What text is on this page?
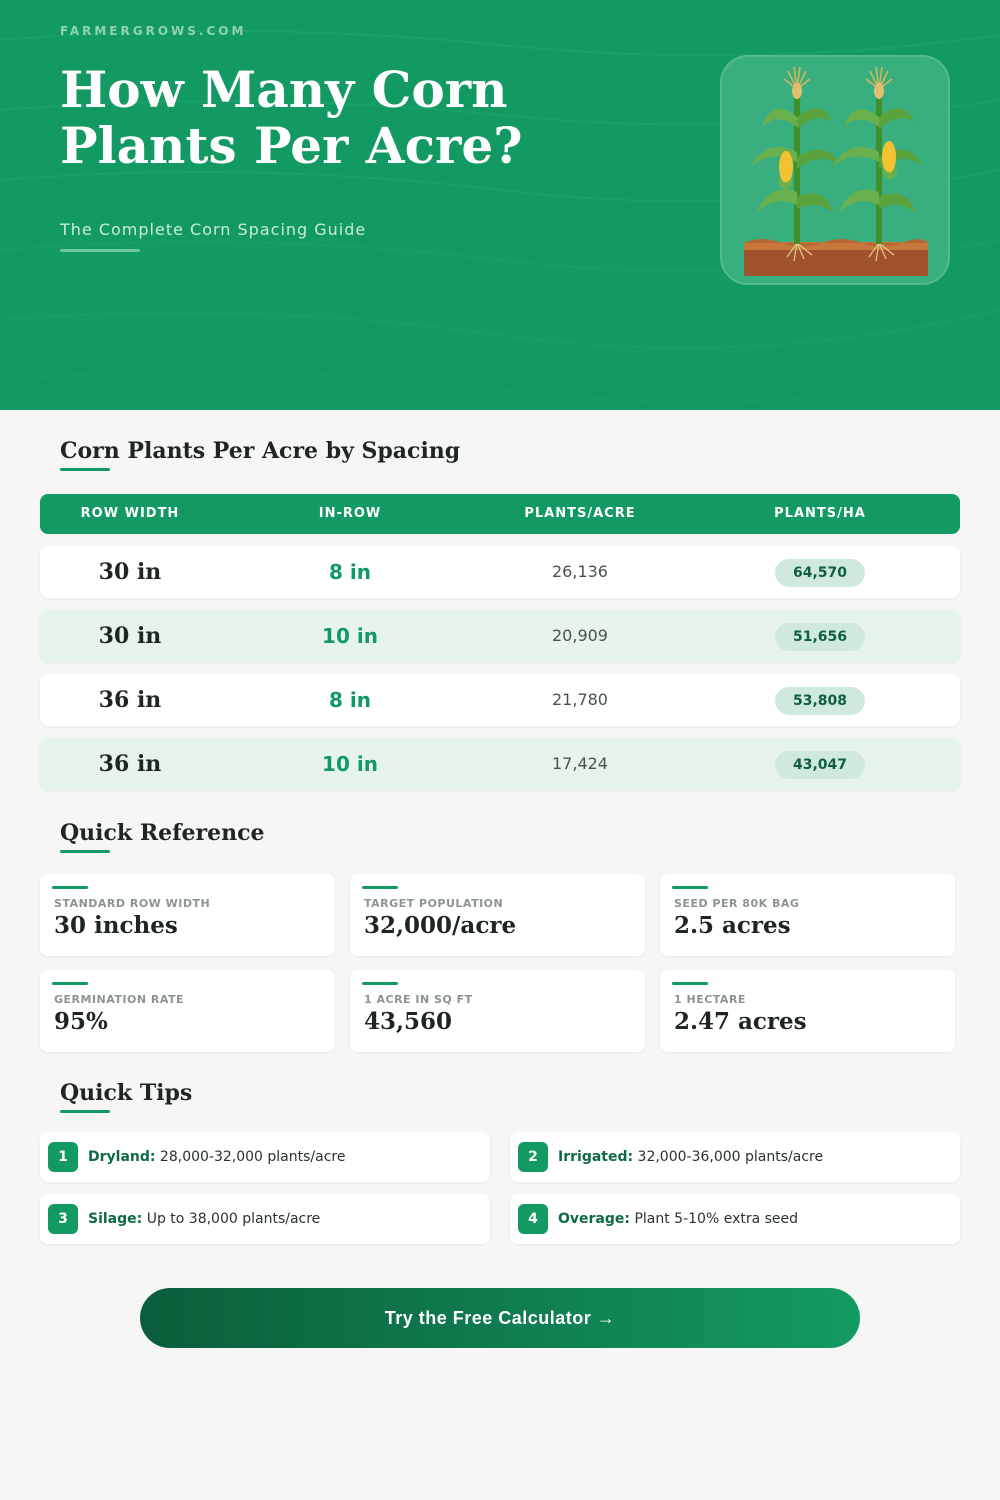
FARMERGROWS.COM
How Many Corn Plants Per Acre?
The Complete Corn Spacing Guide
Corn Plants Per Acre by Spacing
ROW WIDTH	IN-ROW	PLANTS/ACRE	PLANTS/HA
30 in	8 in	26,136	64,570
30 in	10 in	20,909	51,656
36 in	8 in	21,780	53,808
36 in	10 in	17,424	43,047
Quick Reference
STANDARD ROW WIDTH
30 inches
TARGET POPULATION
32,000/acre
SEED PER 80K BAG
2.5 acres
GERMINATION RATE
95%
1 ACRE IN SQ FT
43,560
1 HECTARE
2.47 acres
Quick Tips
1	Dryland: 28,000-32,000 plants/acre	2	Irrigated: 32,000-36,000 plants/acre
3	Silage: Up to 38,000 plants/acre	4	Overage: Plant 5-10% extra seed
Try the Free Calculator →
